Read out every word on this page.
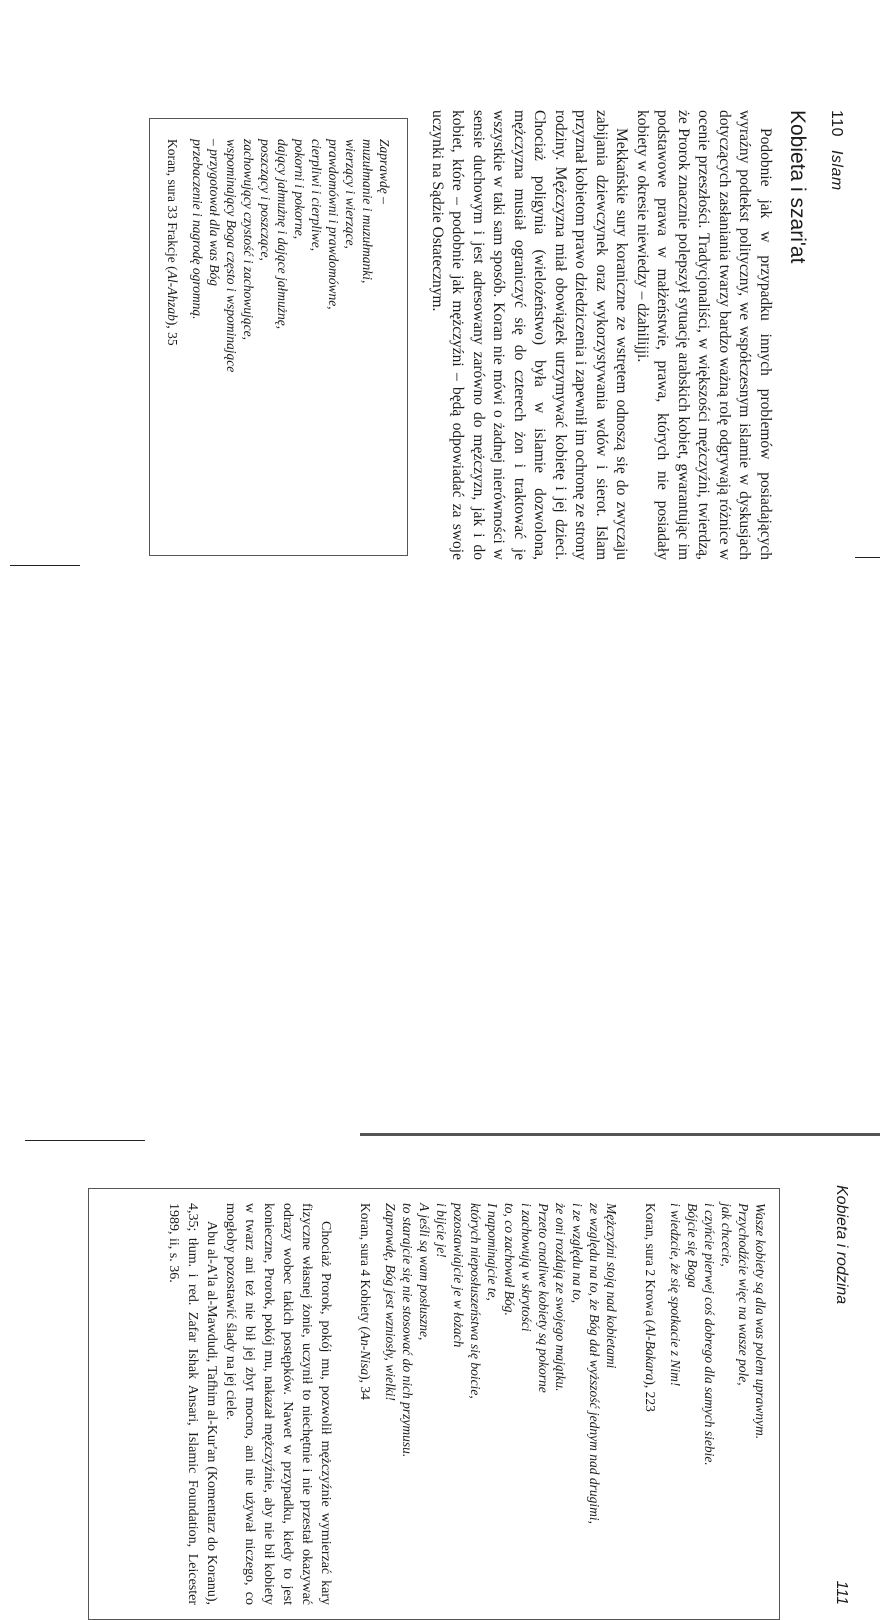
110 Islam
Kobieta i szari'at

Podobnie jak w przypadku innych problemów posiadających wyraźny podtekst polityczny, we współczesnym islamie w dyskusjach dotyczących zasłaniania twarzy bardzo ważną rolę odgrywają różnice w ocenie przeszłości. Tradycjonaliści, w większości mężczyźni, twierdzą, że Prorok znacznie polepszył sytuację arabskich kobiet, gwarantując im podstawowe prawa w małżeństwie, prawa, których nie posiadały kobiety w okresie niewiedzy – dżahilijji.

Mekkańskie sury koraniczne ze wstrętem odnoszą się do zwyczaju zabijania dziewczynek oraz wykorzystywania wdów i sierot. Islam przyznał kobietom prawo dziedziczenia i zapewnił im ochronę ze strony rodziny. Mężczyzna miał obowiązek utrzymywać kobietę i jej dzieci. Chociaż poligynia (wielożeństwo) była w islamie dozwolona, mężczyzna musiał ograniczyć się do czterech żon i traktować je wszystkie w taki sam sposób. Koran nie mówi o żadnej nierówności w sensie duchowym i jest adresowany zarówno do mężczyzn, jak i do kobiet, które – podobnie jak mężczyźni – będą odpowiadać za swoje uczynki na Sądzie Ostatecznym.

Zaprawdę –
muzułmanie i muzułmanki,
wierzący i wierzące,
prawdomówni i prawdomówne,
cierpliwi i cierpliwe,
pokorni i pokorne,
dający jałmużnę i dające jałmużnę,
poszczący i poszczące,
zachowujący czystość i zachowujące,
wspominający Boga często i wspominające
– przygotował dla was Bóg
przebaczenie i nagrodę ogromną.
Koran, sura 33 Frakcje (Al-Ahzab), 35
Kobieta i rodzina
111
Wasze kobiety są dla was polem uprawnym.
Przychodźcie więc na wasze pole,
jak chcecie,
i czyńcie pierwej coś dobrego dla samych siebie.
Bójcie się Boga
i wiedzcie, że się spotkacie z Nim!
Koran, sura 2 Krowa (Al-Bakara), 223
Mężczyźni stoją nad kobietami
ze względu na to, że Bóg dał wyższość jednym nad drugimi,
i ze względu na to,
że oni rozdają ze swojego majątku.
Przeto cnotliwe kobiety są pokorne
i zachowują w skrytości
to, co zachował Bóg.
I napominajcie te,
których nieposłuszeństwa się boicie,
pozostawiajcie je w łożach
i bijcie je!
A jeśli są wam posłuszne,
to starajcie się nie stosować do nich przymusu.
Zaprawdę, Bóg jest wzniosły, wielki!
Koran, sura 4 Kobiety (An-Nisa), 34

Chociaż Prorok, pokój mu, pozwolił mężczyźnie wymierzać kary fizyczne własnej żonie, uczynił to niechętnie i nie przestał okazywać odrazy wobec takich postępków. Nawet w przypadku, kiedy to jest konieczne, Prorok, pokój mu, nakazał mężczyźnie, aby nie bił kobiety w twarz ani też nie bił jej zbyt mocno, ani nie używał niczego, co mogłoby pozostawić ślady na jej ciele.

Abu al-A'la al-Mawdudi, Tafhim al-Kur'an (Komentarz do Koranu), 4,35; tłum. i red. Zafar Ishak Ansari, Islamic Foundation, Leicester 1989, ii, s. 36.
